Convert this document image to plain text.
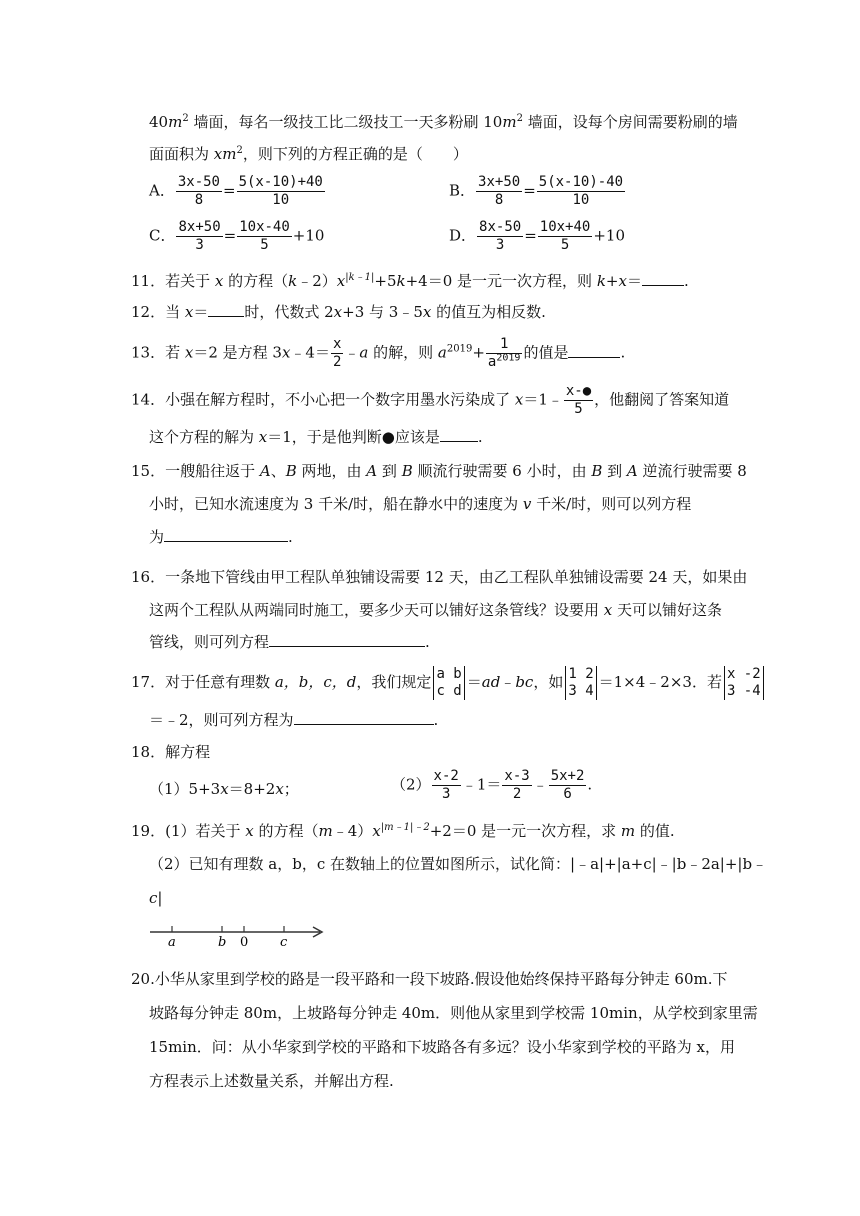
$40m^2$ 墙面，每名一级技工比二级技工一天多粉刷 $10m^2$ 墙面，设每个房间需要粉刷的墙
面面积为 $xm^2$，则下列的方程正确的是（　　）
A． $\frac{3x-50}{8} = \frac{5(x-10)+40}{10}$	B． $\frac{3x+50}{8} = \frac{5(x-10)-40}{10}$
C． $\frac{8x+50}{3} = \frac{10x-40}{5} +10$	D． $\frac{8x-50}{3} = \frac{10x+40}{5} +10$
11．若关于 x 的方程$(k﹣2)x^{|k﹣1|}+5k+4=0$ 是一元一次方程，则 k+x＝	.
12．当 x＝ 时，代数式 2x+3 与 3﹣5x 的值互为相反数.
13．若 x＝2 是方程 3x﹣4＝ $\frac{x}{2}$ ﹣a 的解，则 $a^{2019}+ \frac{1}{a^{2019}}$ 的值是	.
14．小强在解方程时，不小心把一个数字用墨水污染成了 x＝1﹣ $\frac{x-●}{5}$ ，他翻阅了答案知道
这个方程的解为 x＝1，于是他判断●应该是	.
15．一艘船往返于 A、B 两地，由 A 到 B 顺流行驶需要 6 小时，由 B 到 A 逆流行驶需要 8
小时，已知水流速度为 3 千米/时，船在静水中的速度为 v 千米/时，则可以列方程
为	.
16．一条地下管线由甲工程队单独铺设需要 12 天，由乙工程队单独铺设需要 24 天，如果由
这两个工程队从两端同时施工，要多少天可以铺好这条管线？设要用 x 天可以铺好这条
管线，则可列方程	.
17．对于任意有理数 a，b，c，d，我们规定 a b
c d ＝ad﹣bc，如 1 2
3 4 ＝1×4﹣2×3．若 x -2
3 -4
＝﹣2，则可列方程为	.
18．解方程
（1）5+3x＝8+2x；	$(2) \frac{x-2}{3}$ ﹣1＝ $\frac{x-3}{2}$ ﹣ $\frac{5x+2}{6}$ .
19．(1）若关于 x 的方程$(m﹣4)x^{|m﹣1|﹣2}+2=0$ 是一元一次方程，求 m 的值.
（2）已知有理数 a，b，c 在数轴上的位置如图所示，试化简：|﹣a|+|a+c|﹣|b﹣2a|+|b﹣
c|
a	b 0 c
20.小华从家里到学校的路是一段平路和一段下坡路.假设他始终保持平路每分钟走 60m.下
坡路每分钟走 80m，上坡路每分钟走 40m．则他从家里到学校需 10min，从学校到家里需
15min．问：从小华家到学校的平路和下坡路各有多远？设小华家到学校的平路为 x，用
方程表示上述数量关系，并解出方程.
